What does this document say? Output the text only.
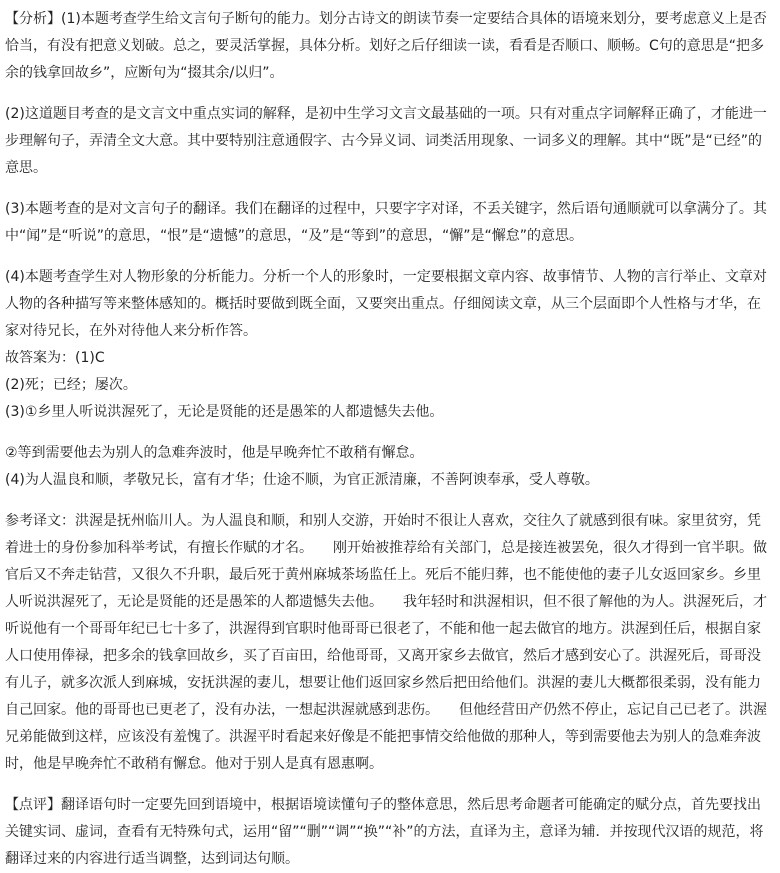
【分析】(1)本题考查学生给文言句子断句的能力。划分古诗文的朗读节奏一定要结合具体的语境来划分，要考虑意义上是否恰当，有没有把意义划破。总之，要灵活掌握，具体分析。划好之后仔细读一读，看看是否顺口、顺畅。C句的意思是“把多余的钱拿回故乡”，应断句为“掇其余/以归”。

(2)这道题目考查的是文言文中重点实词的解释，是初中生学习文言文最基础的一项。只有对重点字词解释正确了，才能进一步理解句子，弄清全文大意。其中要特别注意通假字、古今异义词、词类活用现象、一词多义的理解。其中“既”是“已经”的意思。

(3)本题考查的是对文言句子的翻译。我们在翻译的过程中，只要字字对译，不丢关键字，然后语句通顺就可以拿满分了。其中“闻”是“听说”的意思，“恨”是“遗憾”的意思，“及”是“等到”的意思，“懈”是“懈怠”的意思。

(4)本题考查学生对人物形象的分析能力。分析一个人的形象时，一定要根据文章内容、故事情节、人物的言行举止、文章对人物的各种描写等来整体感知的。概括时要做到既全面，又要突出重点。仔细阅读文章，从三个层面即个人性格与才华，在家对待兄长，在外对待他人来分析作答。

故答案为：(1)C

(2)死；已经；屡次。

(3)①乡里人听说洪渥死了，无论是贤能的还是愚笨的人都遗憾失去他。

②等到需要他去为别人的急难奔波时，他是早晚奔忙不敢稍有懈怠。

(4)为人温良和顺，孝敬兄长，富有才华；仕途不顺，为官正派清廉，不善阿谀奉承，受人尊敬。

参考译文：洪渥是抚州临川人。为人温良和顺，和别人交游，开始时不很让人喜欢，交往久了就感到很有味。家里贫穷，凭着进士的身份参加科举考试，有擅长作赋的才名。 刚开始被推荐给有关部门，总是接连被罢免，很久才得到一官半职。做官后又不奔走钻营，又很久不升职，最后死于黄州麻城茶场监任上。死后不能归葬，也不能使他的妻子儿女返回家乡。乡里人听说洪渥死了，无论是贤能的还是愚笨的人都遗憾失去他。 我年轻时和洪渥相识，但不很了解他的为人。洪渥死后，才听说他有一个哥哥年纪已七十多了，洪渥得到官职时他哥哥已很老了，不能和他一起去做官的地方。洪渥到任后，根据自家人口使用俸禄，把多余的钱拿回故乡，买了百亩田，给他哥哥，又离开家乡去做官，然后才感到安心了。洪渥死后，哥哥没有儿子，就多次派人到麻城，安抚洪渥的妻儿，想要让他们返回家乡然后把田给他们。洪渥的妻儿大概都很柔弱，没有能力自己回家。他的哥哥也已更老了，没有办法，一想起洪渥就感到悲伤。 但他经营田产仍然不停止，忘记自己已老了。洪渥兄弟能做到这样，应该没有羞愧了。洪渥平时看起来好像是不能把事情交给他做的那种人，等到需要他去为别人的急难奔波时，他是早晚奔忙不敢稍有懈怠。他对于别人是真有恩惠啊。

【点评】翻译语句时一定要先回到语境中，根据语境读懂句子的整体意思，然后思考命题者可能确定的赋分点，首先要找出关键实词、虚词，查看有无特殊句式，运用“留”“删”“调”“换”“补”的方法，直译为主，意译为辅．并按现代汉语的规范，将翻译过来的内容进行适当调整，达到词达句顺。
